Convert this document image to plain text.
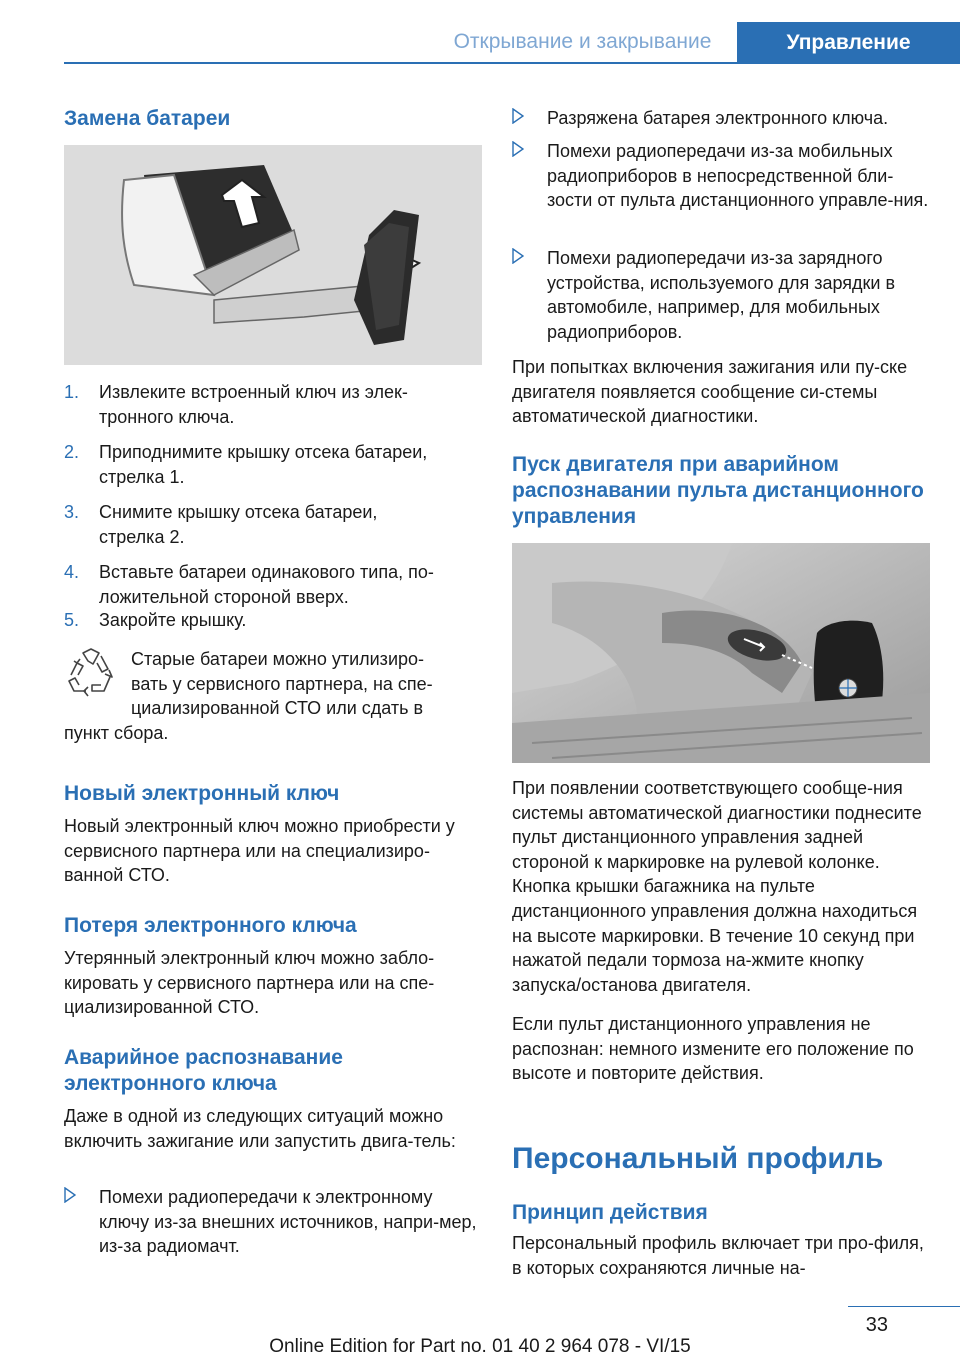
Открывание и закрывание	Управление
Замена батареи
1. Извлеките встроенный ключ из элек‐
тронного ключа.
2. Приподнимите крышку отсека батареи,
стрелка 1.
3. Снимите крышку отсека батареи,
стрелка 2.
4. Вставьте батареи одинакового типа, по‐
ложительной стороной вверх.
5. Закройте крышку.
Старые батареи можно утилизиро‐
вать у сервисного партнера, на спе‐
циализированной СТО или сдать в
пункт сбора.
Новый электронный ключ

Новый электронный ключ можно приобрести у сервисного партнера или на специализиро‐ванной СТО.

Потеря электронного ключа

Утерянный электронный ключ можно забло‐кировать у сервисного партнера или на спе‐циализированной СТО.

Аварийное распознавание электронного ключа

Даже в одной из следующих ситуаций можно включить зажигание или запустить двига‐тель:

Помехи радиопередачи к электронному ключу из-за внешних источников, напри‐мер, из-за радиомачт.
Разряжена батарея электронного ключа.
Помехи радиопередачи из-за мобильных радиоприборов в непосредственной бли‐зости от пульта дистанционного управле‐ния.
Помехи радиопередачи из-за зарядного устройства, используемого для зарядки в автомобиле, например, для мобильных радиоприборов.

При попытках включения зажигания или пу‐ске двигателя появляется сообщение си‐стемы автоматической диагностики.

Пуск двигателя при аварийном распознавании пульта дистанционного управления

При появлении соответствующего сообще‐ния системы автоматической диагностики поднесите пульт дистанционного управления задней стороной к маркировке на рулевой колонке. Кнопка крышки багажника на пульте дистанционного управления должна находиться на высоте маркировки. В течение 10 секунд при нажатой педали тормоза на‐жмите кнопку запуска/останова двигателя.

Если пульт дистанционного управления не распознан: немного измените его положение по высоте и повторите действия.

Персональный профиль
Принцип действия

Персональный профиль включает три про‐филя, в которых сохраняются личные на‐

33
Online Edition for Part no. 01 40 2 964 078 - VI/15
